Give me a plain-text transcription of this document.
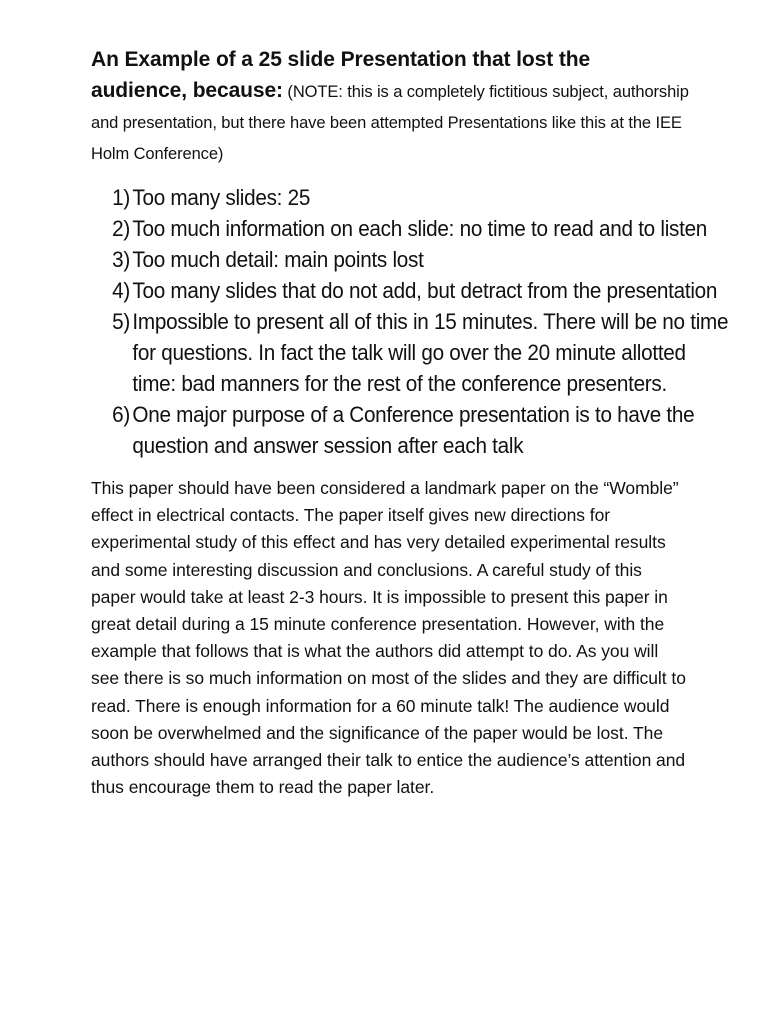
An Example of a 25 slide Presentation that lost the audience, because: (NOTE: this is a completely fictitious subject, authorship and presentation, but there have been attempted Presentations like this at the IEE Holm Conference)
1) Too many slides: 25
2) Too much information on each slide: no time to read and to listen
3) Too much detail: main points lost
4) Too many slides that do not add, but detract from the presentation
5) Impossible to present all of this in 15 minutes. There will be no time for questions. In fact the talk will go over the 20 minute allotted time: bad manners for the rest of the conference presenters.
6) One major purpose of a Conference presentation is to have the question and answer session after each talk

This paper should have been considered a landmark paper on the “Womble” effect in electrical contacts. The paper itself gives new directions for experimental study of this effect and has very detailed experimental results and some interesting discussion and conclusions. A careful study of this paper would take at least 2-3 hours. It is impossible to present this paper in great detail during a 15 minute conference presentation. However, with the example that follows that is what the authors did attempt to do. As you will see there is so much information on most of the slides and they are difficult to read. There is enough information for a 60 minute talk! The audience would soon be overwhelmed and the significance of the paper would be lost. The authors should have arranged their talk to entice the audience’s attention and thus encourage them to read the paper later.
